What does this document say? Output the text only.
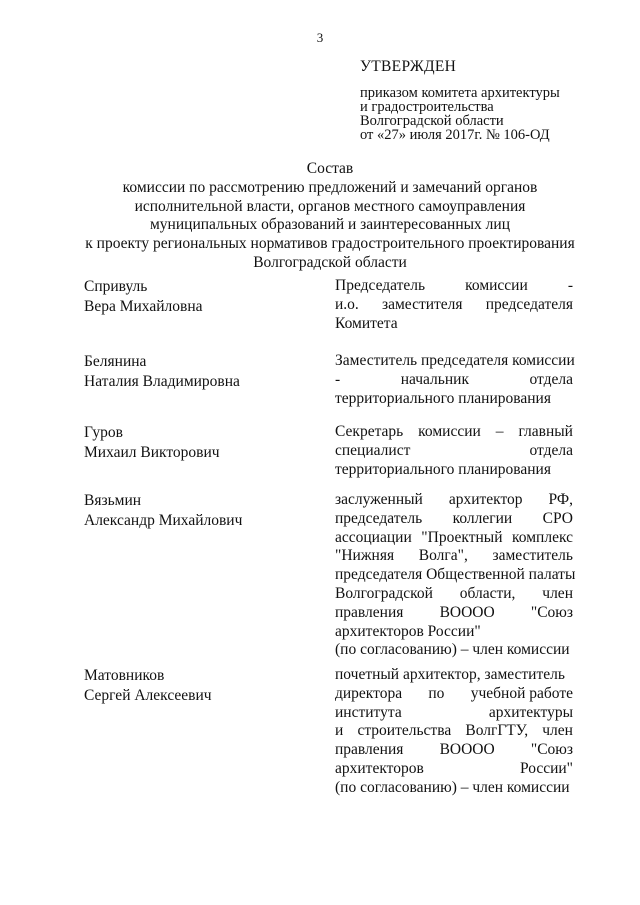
3
УТВЕРЖДЕН
приказом комитета архитектуры
и градостроительства
Волгоградской области
от «27» июля 2017г. № 106-ОД
Состав
комиссии по рассмотрению предложений и замечаний органов
исполнительной власти, органов местного самоуправления
муниципальных образований и заинтересованных лиц
к проекту региональных нормативов градостроительного проектирования
Волгоградской области
Спривуль
Вера Михайловна
Председатель	комиссии	-
и.о. заместителя председателя
Комитета
Белянина
Наталия Владимировна
Заместитель председателя комиссии
-	начальник	отдела
территориального планирования
Гуров
Михаил Викторович
Секретарь комиссии – главный
специалист	отдела
территориального планирования
Вязьмин
Александр Михайлович
заслуженный архитектор РФ,
председатель коллегии СРО
ассоциации "Проектный комплекс
"Нижняя Волга", заместитель
председателя Общественной палаты
Волгоградской области, член
правления ВОООО "Союз
архитекторов России"
(по согласованию) – член комиссии
Матовников
Сергей Алексеевич
почетный архитектор, заместитель
директора по учебной работе
института	архитектуры
и строительства ВолгГТУ, член
правления ВОООО "Союз
архитекторов	России"
(по согласованию) – член комиссии
